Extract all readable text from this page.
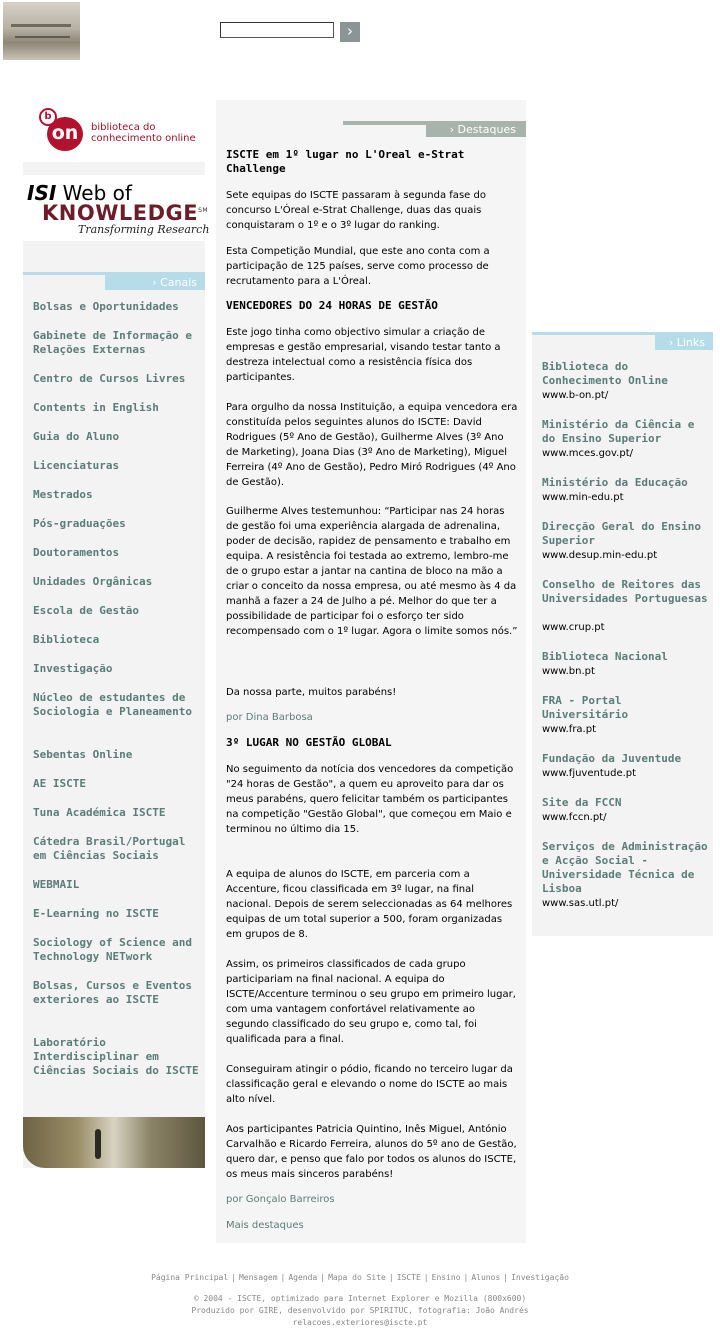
›
on
b
biblioteca do
conhecimento online
ISI Web of
KNOWLEDGE℠
Transforming Research
› Canais
Bolsas e Oportunidades
Gabinete de Informação e Relações Externas
Centro de Cursos Livres
Contents in English
Guia do Aluno
Licenciaturas
Mestrados
Pós-graduações
Doutoramentos
Unidades Orgânicas
Escola de Gestão
Biblioteca
Investigação
Núcleo de estudantes de Sociologia e Planeamento
Sebentas Online
AE ISCTE
Tuna Académica ISCTE
Cátedra Brasil/Portugal em Ciências Sociais
WEBMAIL
E-Learning no ISCTE
Sociology of Science and Technology NETwork
Bolsas, Cursos e Eventos exteriores ao ISCTE
Laboratório Interdisciplinar em Ciências Sociais do ISCTE
› Destaques
ISCTE em 1º lugar no L'Oreal e-Strat Challenge
Sete equipas do ISCTE passaram à segunda fase do concurso L'Óreal e-Strat Challenge, duas das quais conquistaram o 1º e o 3º lugar do ranking.
Esta Competição Mundial, que este ano conta com a participação de 125 países, serve como processo de recrutamento para a L'Óreal.
VENCEDORES DO 24 HORAS DE GESTÃO
Este jogo tinha como objectivo simular a criação de empresas e gestão empresarial, visando testar tanto a destreza intelectual como a resistência física dos participantes.
Para orgulho da nossa Instituição, a equipa vencedora era constituída pelos seguintes alunos do ISCTE: David Rodrigues (5º Ano de Gestão), Guilherme Alves (3º Ano de Marketing), Joana Dias (3º Ano de Marketing), Miguel Ferreira (4º Ano de Gestão), Pedro Miró Rodrigues (4º Ano de Gestão).
Guilherme Alves testemunhou: “Participar nas 24 horas de gestão foi uma experiência alargada de adrenalina, poder de decisão, rapidez de pensamento e trabalho em equipa. A resistência foi testada ao extremo, lembro-me de o grupo estar a jantar na cantina de bloco na mão a criar o conceito da nossa empresa, ou até mesmo às 4 da manhã a fazer a 24 de Julho a pé. Melhor do que ter a possibilidade de participar foi o esforço ter sido recompensado com o 1º lugar. Agora o limite somos nós.”
Da nossa parte, muitos parabéns!
por Dina Barbosa
3º LUGAR NO GESTÃO GLOBAL
No seguimento da notícia dos vencedores da competição "24 horas de Gestão", a quem eu aproveito para dar os meus parabéns, quero felicitar também os participantes na competição "Gestão Global", que começou em Maio e terminou no último dia 15.
A equipa de alunos do ISCTE, em parceria com a Accenture, ficou classificada em 3º lugar, na final nacional. Depois de serem seleccionadas as 64 melhores equipas de um total superior a 500, foram organizadas em grupos de 8.
Assim, os primeiros classificados de cada grupo participariam na final nacional. A equipa do ISCTE/Accenture terminou o seu grupo em primeiro lugar, com uma vantagem confortável relativamente ao segundo classificado do seu grupo e, como tal, foi qualificada para a final.
Conseguiram atingir o pódio, ficando no terceiro lugar da classificação geral e elevando o nome do ISCTE ao mais alto nível.
Aos participantes Patricia Quintino, Inês Miguel, António Carvalhão e Ricardo Ferreira, alunos do 5º ano de Gestão, quero dar, e penso que falo por todos os alunos do ISCTE, os meus mais sinceros parabéns!
por Gonçalo Barreiros
Mais destaques
› Links
Biblioteca do Conhecimento Online
www.b-on.pt/
Ministério da Ciência e do Ensino Superior
www.mces.gov.pt/
Ministério da Educação
www.min-edu.pt
Direcção Geral do Ensino Superior
www.desup.min-edu.pt
Conselho de Reitores das Universidades Portuguesas
www.crup.pt
Biblioteca Nacional
www.bn.pt
FRA - Portal Universitário
www.fra.pt
Fundação da Juventude
www.fjuventude.pt
Site da FCCN
www.fccn.pt/
Serviços de Administração e Acção Social - Universidade Técnica de Lisboa
www.sas.utl.pt/
Página Principal | Mensagem | Agenda | Mapa do Site | ISCTE | Ensino | Alunos | Investigação
© 2004 - ISCTE, optimizado para Internet Explorer e Mozilla (800x600)
Produzido por GIRE, desenvolvido por SPIRITUC, fotografia: João Andrés
relacoes.exteriores@iscte.pt
